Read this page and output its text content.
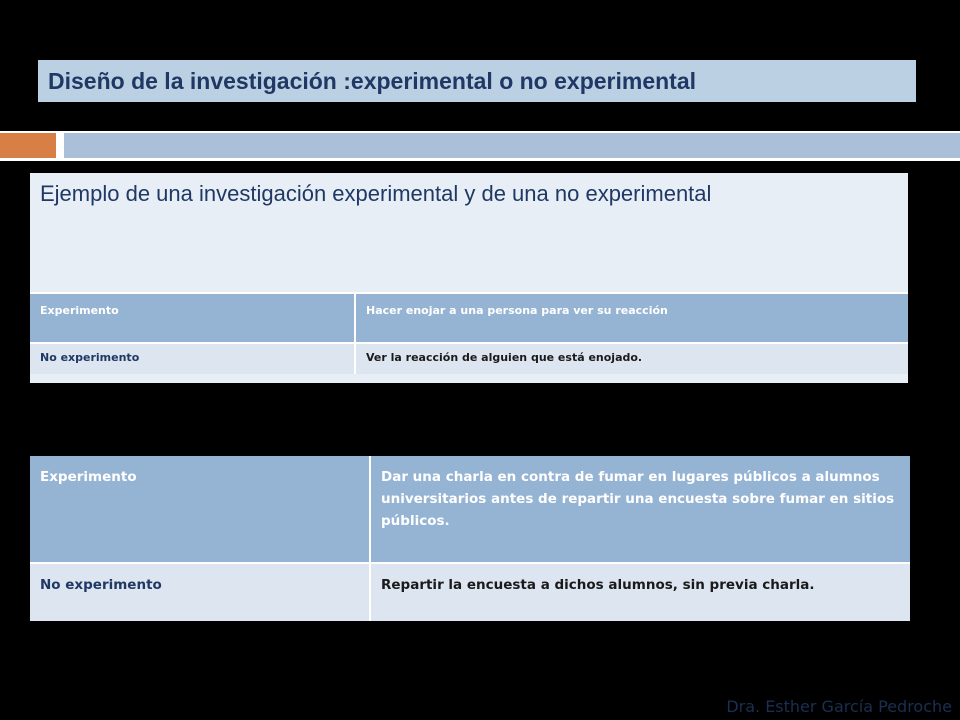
Diseño de la investigación :experimental o no experimental
Ejemplo de una investigación experimental y de una no experimental
Experimento	Hacer enojar a una persona para ver su reacción
No experimento	Ver la reacción de alguien que está enojado.
Experimento	Dar una charla en contra de fumar en lugares públicos a alumnos universitarios antes de repartir una encuesta sobre fumar en sitios públicos.
No experimento	Repartir la encuesta a dichos alumnos, sin previa charla.
Dra. Esther García Pedroche
